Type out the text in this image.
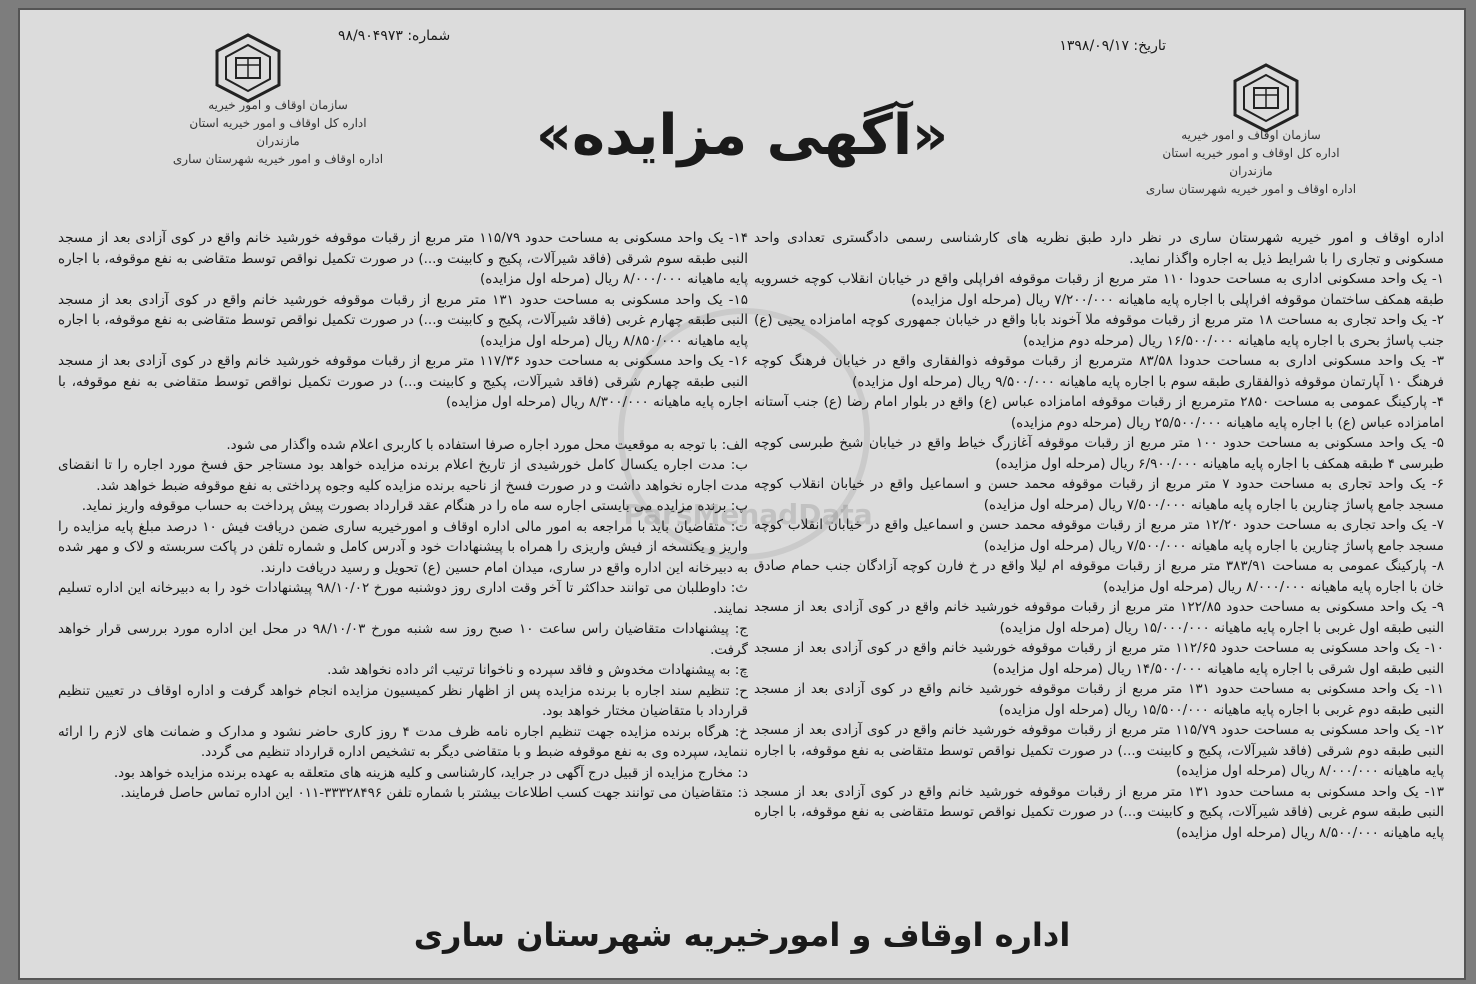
تاریخ: ۱۳۹۸/۰۹/۱۷
شماره: ۹۸/۹۰۴۹۷۳
سازمان اوقاف و امور خیریه
اداره کل اوقاف و امور خیریه استان مازندران
اداره اوقاف و امور خیریه شهرستان ساری
سازمان اوقاف و امور خیریه
اداره کل اوقاف و امور خیریه استان مازندران
اداره اوقاف و امور خیریه شهرستان ساری	«آگهی مزایده»
ParsMenadData

اداره اوقاف و امور خیریه شهرستان ساری در نظر دارد طبق نظریه های کارشناسی رسمی دادگستری تعدادی واحد مسکونی و تجاری را با شرایط ذیل به اجاره واگذار نماید.

۱- یک واحد مسکونی اداری به مساحت حدودا ۱۱۰ متر مربع از رقبات موقوفه افراپلی واقع در خیابان انقلاب کوچه خسرویه طبقه همکف ساختمان موقوفه افراپلی با اجاره پایه ماهیانه ۷/۲۰۰/۰۰۰ ریال (مرحله اول مزایده)

۲- یک واحد تجاری به مساحت ۱۸ متر مربع از رقبات موقوفه ملا آخوند بابا واقع در خیابان جمهوری کوچه امامزاده یحیی (ع) جنب پاساژ بحری با اجاره پایه ماهیانه ۱۶/۵۰۰/۰۰۰ ریال (مرحله دوم مزایده)

۳- یک واحد مسکونی اداری به مساحت حدودا ۸۳/۵۸ مترمربع از رقبات موقوفه ذوالفقاری واقع در خیابان فرهنگ کوچه فرهنگ ۱۰ آپارتمان موقوفه ذوالفقاری طبقه سوم با اجاره پایه ماهیانه ۹/۵۰۰/۰۰۰ ریال (مرحله اول مزایده)

۴- پارکینگ عمومی به مساحت ۲۸۵۰ مترمربع از رقبات موقوفه امامزاده عباس (ع) واقع در بلوار امام رضا (ع) جنب آستانه امامزاده عباس (ع) با اجاره پایه ماهیانه ۲۵/۵۰۰/۰۰۰ ریال (مرحله دوم مزایده)

۵- یک واحد مسکونی به مساحت حدود ۱۰۰ متر مربع از رقبات موقوفه آغازرگ خیاط واقع در خیابان شیخ طبرسی کوچه طبرسی ۴ طبقه همکف با اجاره پایه ماهیانه ۶/۹۰۰/۰۰۰ ریال (مرحله اول مزایده)

۶- یک واحد تجاری به مساحت حدود ۷ متر مربع از رقبات موقوفه محمد حسن و اسماعیل واقع در خیابان انقلاب کوچه مسجد جامع پاساژ چنارین با اجاره پایه ماهیانه ۷/۵۰۰/۰۰۰ ریال (مرحله اول مزایده)

۷- یک واحد تجاری به مساحت حدود ۱۲/۲۰ متر مربع از رقبات موقوفه محمد حسن و اسماعیل واقع در خیابان انقلاب کوچه مسجد جامع پاساژ چنارین با اجاره پایه ماهیانه ۷/۵۰۰/۰۰۰ ریال (مرحله اول مزایده)

۸- پارکینگ عمومی به مساحت ۳۸۳/۹۱ متر مربع از رقبات موقوفه ام لیلا واقع در خ فارن کوچه آزادگان جنب حمام صادق خان با اجاره پایه ماهیانه ۸/۰۰۰/۰۰۰ ریال (مرحله اول مزایده)

۹- یک واحد مسکونی به مساحت حدود ۱۲۲/۸۵ متر مربع از رقبات موقوفه خورشید خانم واقع در کوی آزادی بعد از مسجد النبی طبقه اول غربی با اجاره پایه ماهیانه ۱۵/۰۰۰/۰۰۰ ریال (مرحله اول مزایده)

۱۰- یک واحد مسکونی به مساحت حدود ۱۱۲/۶۵ متر مربع از رقبات موقوفه خورشید خانم واقع در کوی آزادی بعد از مسجد النبی طبقه اول شرقی با اجاره پایه ماهیانه ۱۴/۵۰۰/۰۰۰ ریال (مرحله اول مزایده)

۱۱- یک واحد مسکونی به مساحت حدود ۱۳۱ متر مربع از رقبات موقوفه خورشید خانم واقع در کوی آزادی بعد از مسجد النبی طبقه دوم غربی با اجاره پایه ماهیانه ۱۵/۵۰۰/۰۰۰ ریال (مرحله اول مزایده)

۱۲- یک واحد مسکونی به مساحت حدود ۱۱۵/۷۹ متر مربع از رقبات موقوفه خورشید خانم واقع در کوی آزادی بعد از مسجد النبی طبقه دوم شرقی (فاقد شیرآلات، پکیج و کابینت و...) در صورت تکمیل نواقص توسط متقاضی به نفع موقوفه، با اجاره پایه ماهیانه ۸/۰۰۰/۰۰۰ ریال (مرحله اول مزایده)

۱۳- یک واحد مسکونی به مساحت حدود ۱۳۱ متر مربع از رقبات موقوفه خورشید خانم واقع در کوی آزادی بعد از مسجد النبی طبقه سوم غربی (فاقد شیرآلات، پکیج و کابینت و...) در صورت تکمیل نواقص توسط متقاضی به نفع موقوفه، با اجاره پایه ماهیانه ۸/۵۰۰/۰۰۰ ریال (مرحله اول مزایده)

۱۴- یک واحد مسکونی به مساحت حدود ۱۱۵/۷۹ متر مربع از رقبات موقوفه خورشید خانم واقع در کوی آزادی بعد از مسجد النبی طبقه سوم شرقی (فاقد شیرآلات، پکیج و کابینت و...) در صورت تکمیل نواقص توسط متقاضی به نفع موقوفه، با اجاره پایه ماهیانه ۸/۰۰۰/۰۰۰ ریال (مرحله اول مزایده)

۱۵- یک واحد مسکونی به مساحت حدود ۱۳۱ متر مربع از رقبات موقوفه خورشید خانم واقع در کوی آزادی بعد از مسجد النبی طبقه چهارم غربی (فاقد شیرآلات، پکیج و کابینت و...) در صورت تکمیل نواقص توسط متقاضی به نفع موقوفه، با اجاره پایه ماهیانه ۸/۸۵۰/۰۰۰ ریال (مرحله اول مزایده)

۱۶- یک واحد مسکونی به مساحت حدود ۱۱۷/۳۶ متر مربع از رقبات موقوفه خورشید خانم واقع در کوی آزادی بعد از مسجد النبی طبقه چهارم شرقی (فاقد شیرآلات، پکیج و کابینت و...) در صورت تکمیل نواقص توسط متقاضی به نفع موقوفه، با اجاره پایه ماهیانه ۸/۳۰۰/۰۰۰ ریال (مرحله اول مزایده)

الف: با توجه به موقعیت محل مورد اجاره صرفا استفاده با کاربری اعلام شده واگذار می شود.

ب: مدت اجاره یکسال کامل خورشیدی از تاریخ اعلام برنده مزایده خواهد بود مستاجر حق فسخ مورد اجاره را تا انقضای مدت اجاره نخواهد داشت و در صورت فسخ از ناحیه برنده مزایده کلیه وجوه پرداختی به نفع موقوفه ضبط خواهد شد.

پ: برنده مزایده می بایستی اجاره سه ماه را در هنگام عقد قرارداد بصورت پیش پرداخت به حساب موقوفه واریز نماید.

ت: متقاضیان باید با مراجعه به امور مالی اداره اوقاف و امورخیریه ساری ضمن دریافت فیش ۱۰ درصد مبلغ پایه مزایده را واریز و یکنسخه از فیش واریزی را همراه با پیشنهادات خود و آدرس کامل و شماره تلفن در پاکت سربسته و لاک و مهر شده به دبیرخانه این اداره واقع در ساری، میدان امام حسین (ع) تحویل و رسید دریافت دارند.

ث: داوطلبان می توانند حداکثر تا آخر وقت اداری روز دوشنبه مورخ ۹۸/۱۰/۰۲ پیشنهادات خود را به دبیرخانه این اداره تسلیم نمایند.

ج: پیشنهادات متقاضیان راس ساعت ۱۰ صبح روز سه شنبه مورخ ۹۸/۱۰/۰۳ در محل این اداره مورد بررسی قرار خواهد گرفت.

چ: به پیشنهادات مخدوش و فاقد سپرده و ناخوانا ترتیب اثر داده نخواهد شد.

ح: تنظیم سند اجاره با برنده مزایده پس از اظهار نظر کمیسیون مزایده انجام خواهد گرفت و اداره اوقاف در تعیین تنظیم قرارداد با متقاضیان مختار خواهد بود.

خ: هرگاه برنده مزایده جهت تنظیم اجاره نامه ظرف مدت ۴ روز کاری حاضر نشود و مدارک و ضمانت های لازم را ارائه ننماید، سپرده وی به نفع موقوفه ضبط و با متقاضی دیگر به تشخیص اداره قرارداد تنظیم می گردد.

د: مخارج مزایده از قبیل درج آگهی در جراید، کارشناسی و کلیه هزینه های متعلقه به عهده برنده مزایده خواهد بود.

ذ: متقاضیان می توانند جهت کسب اطلاعات بیشتر با شماره تلفن ۳۳۳۲۸۴۹۶-۰۱۱ این اداره تماس حاصل فرمایند.

اداره اوقاف و امورخیریه شهرستان ساری
